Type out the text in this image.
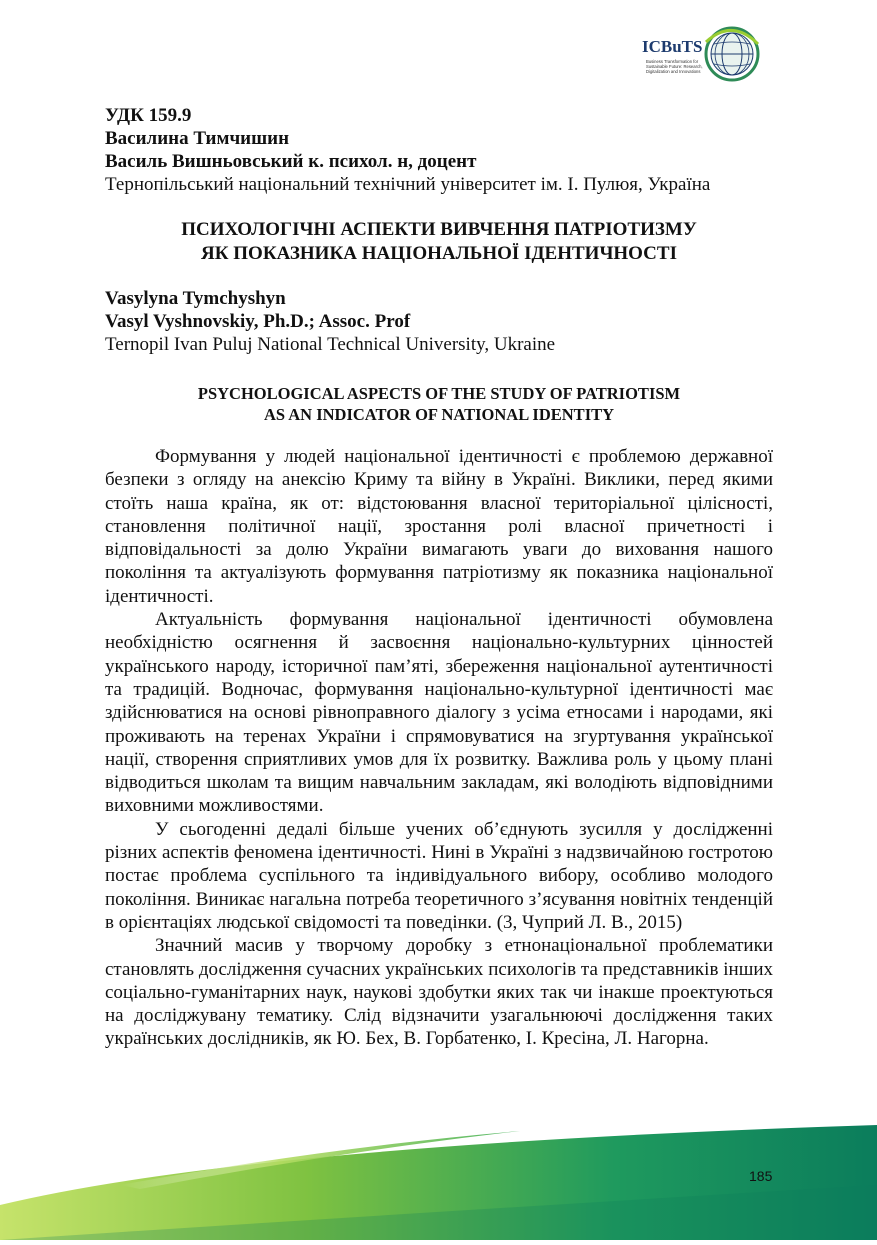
ICBuTS
Business Transformation for
Sustainable Future: Research,
Digitalization and Innovations

УДК 159.9

Василина Тимчишин

Василь Вишньовський к. психол. н, доцент

Тернопільський національний технічний університет ім. І. Пулюя, Україна

ПСИХОЛОГІЧНІ АСПЕКТИ ВИВЧЕННЯ ПАТРІОТИЗМУ

ЯК ПОКАЗНИКА НАЦІОНАЛЬНОЇ ІДЕНТИЧНОСТІ

Vasylyna Tymchyshyn

Vasyl Vyshnovskiy, Ph.D.; Assoc. Prof

Ternopil Ivan Puluj National Technical University, Ukraine

PSYCHOLOGICAL ASPECTS OF THE STUDY OF PATRIOTISM

AS AN INDICATOR OF NATIONAL IDENTITY

Формування у людей національної ідентичності є проблемою державної безпеки з огляду на анексію Криму та війну в Україні. Виклики, перед якими стоїть наша країна, як от: відстоювання власної територіальної цілісності, становлення політичної нації, зростання ролі власної причетності і відповідальності за долю України вимагають уваги до виховання нашого покоління та актуалізують формування патріотизму як показника національної ідентичності.

Актуальність формування національної ідентичності обумовлена необхідністю осягнення й засвоєння національно-культурних цінностей українського народу, історичної пам’яті, збереження національної аутентичності та традицій. Водночас, формування національно-культурної ідентичності має здійснюватися на основі рівноправного діалогу з усіма етносами і народами, які проживають на теренах України і спрямовуватися на згуртування української нації, створення сприятливих умов для їх розвитку. Важлива роль у цьому плані відводиться школам та вищим навчальним закладам, які володіють відповідними виховними можливостями.

У сьогоденні дедалі більше учених об’єднують зусилля у дослідженні різних аспектів феномена ідентичності. Нині в Україні з надзвичайною гостротою постає проблема суспільного та індивідуального вибору, особливо молодого покоління. Виникає нагальна потреба теоретичного з’ясування новітніх тенденцій в орієнтаціях людської свідомості та поведінки. (3, Чуприй Л. В., 2015)

Значний масив у творчому доробку з етнонаціональної проблематики становлять дослідження сучасних українських психологів та представників інших соціально-гуманітарних наук, наукові здобутки яких так чи інакше проектуються на досліджувану тематику. Слід відзначити узагальнюючі дослідження таких українських дослідників, як Ю. Бех, В. Горбатенко, І. Кресіна, Л. Нагорна.

185
